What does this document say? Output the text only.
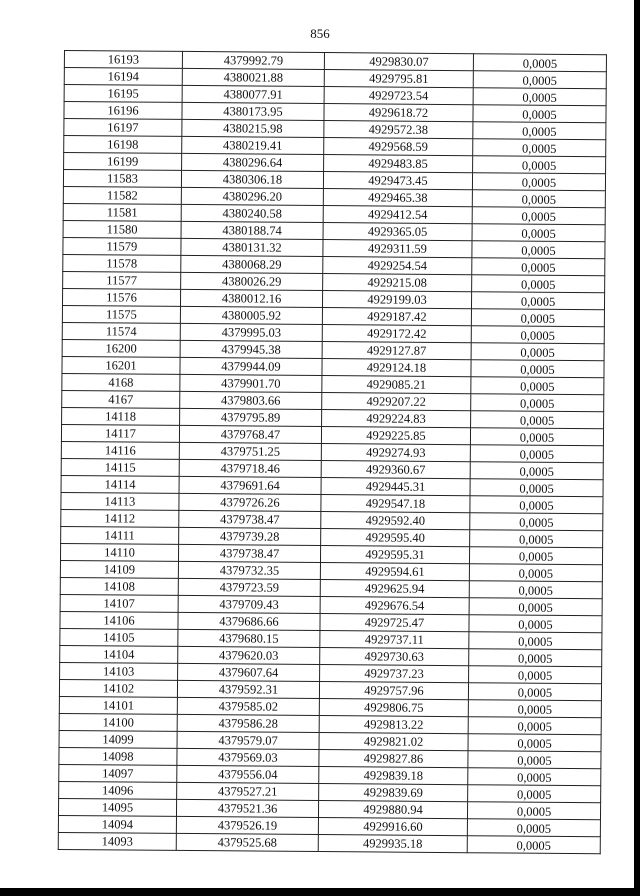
856
16193	4379992.79	4929830.07	0,0005
16194	4380021.88	4929795.81	0,0005
16195	4380077.91	4929723.54	0,0005
16196	4380173.95	4929618.72	0,0005
16197	4380215.98	4929572.38	0,0005
16198	4380219.41	4929568.59	0,0005
16199	4380296.64	4929483.85	0,0005
11583	4380306.18	4929473.45	0,0005
11582	4380296.20	4929465.38	0,0005
11581	4380240.58	4929412.54	0,0005
11580	4380188.74	4929365.05	0,0005
11579	4380131.32	4929311.59	0,0005
11578	4380068.29	4929254.54	0,0005
11577	4380026.29	4929215.08	0,0005
11576	4380012.16	4929199.03	0,0005
11575	4380005.92	4929187.42	0,0005
11574	4379995.03	4929172.42	0,0005
16200	4379945.38	4929127.87	0,0005
16201	4379944.09	4929124.18	0,0005
4168	4379901.70	4929085.21	0,0005
4167	4379803.66	4929207.22	0,0005
14118	4379795.89	4929224.83	0,0005
14117	4379768.47	4929225.85	0,0005
14116	4379751.25	4929274.93	0,0005
14115	4379718.46	4929360.67	0,0005
14114	4379691.64	4929445.31	0,0005
14113	4379726.26	4929547.18	0,0005
14112	4379738.47	4929592.40	0,0005
14111	4379739.28	4929595.40	0,0005
14110	4379738.47	4929595.31	0,0005
14109	4379732.35	4929594.61	0,0005
14108	4379723.59	4929625.94	0,0005
14107	4379709.43	4929676.54	0,0005
14106	4379686.66	4929725.47	0,0005
14105	4379680.15	4929737.11	0,0005
14104	4379620.03	4929730.63	0,0005
14103	4379607.64	4929737.23	0,0005
14102	4379592.31	4929757.96	0,0005
14101	4379585.02	4929806.75	0,0005
14100	4379586.28	4929813.22	0,0005
14099	4379579.07	4929821.02	0,0005
14098	4379569.03	4929827.86	0,0005
14097	4379556.04	4929839.18	0,0005
14096	4379527.21	4929839.69	0,0005
14095	4379521.36	4929880.94	0,0005
14094	4379526.19	4929916.60	0,0005
14093	4379525.68	4929935.18	0,0005
